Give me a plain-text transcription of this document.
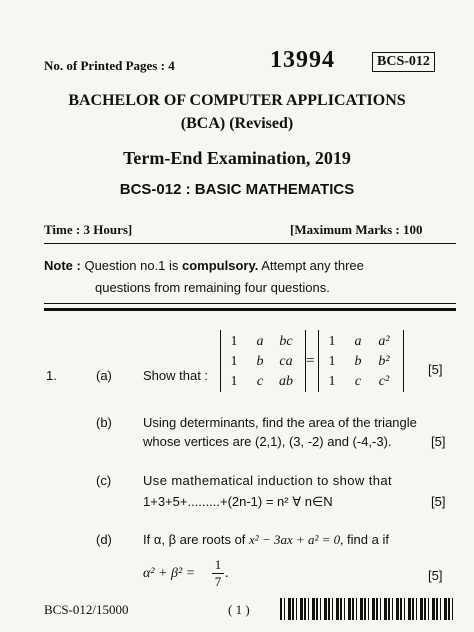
No. of Printed Pages : 4	13994	BCS-012
BACHELOR OF COMPUTER APPLICATIONS
(BCA) (Revised)
Term-End Examination, 2019
BCS-012 : BASIC MATHEMATICS
Time : 3 Hours]	[Maximum Marks : 100
Note : Question no.1 is compulsory. Attempt any three
questions from remaining four questions.
1.	(a) Show that :
1	a	bc
1	b	ca
1	c	ab
=
1	a	a²
1	b	b²
1	c	c²
[5]
(b) Using determinants, find the area of the triangle
whose vertices are (2,1), (3, -2) and (-4,-3).	[5]
(c) Use mathematical induction to show that
1+3+5+.........+(2n-1) = n² ∀ n∈N	[5]
(d) If α, β are roots of x² − 3ax + a² = 0, find a if
α² + β² =
1
7
.	[5]
BCS-012/15000	( 1 )
